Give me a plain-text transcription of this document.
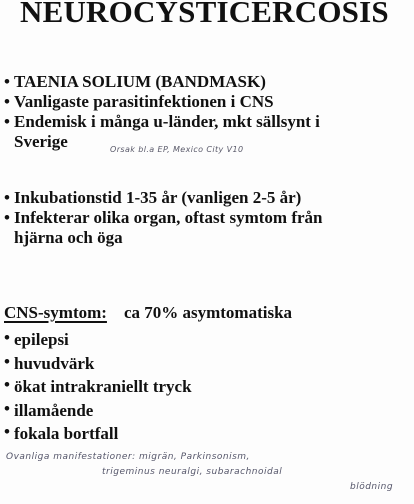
NEUROCYSTICERCOSIS
• TAENIA SOLIUM (BANDMASK)
• Vanligaste parasitinfektionen i CNS
• Endemisk i många u-länder, mkt sällsynt i
Sverige	Orsak bl.a EP, Mexico City V10
• Inkubationstid 1-35 år (vanligen 2-5 år)
• Infekterar olika organ, oftast symtom från
hjärna och öga
CNS-symtom: ca 70% asymtomatiska
• epilepsi
• huvudvärk
• ökat intrakraniellt tryck
• illamående
• fokala bortfall
Ovanliga manifestationer: migrän, Parkinsonism,
trigeminus neuralgi, subarachnoidal
blödning
